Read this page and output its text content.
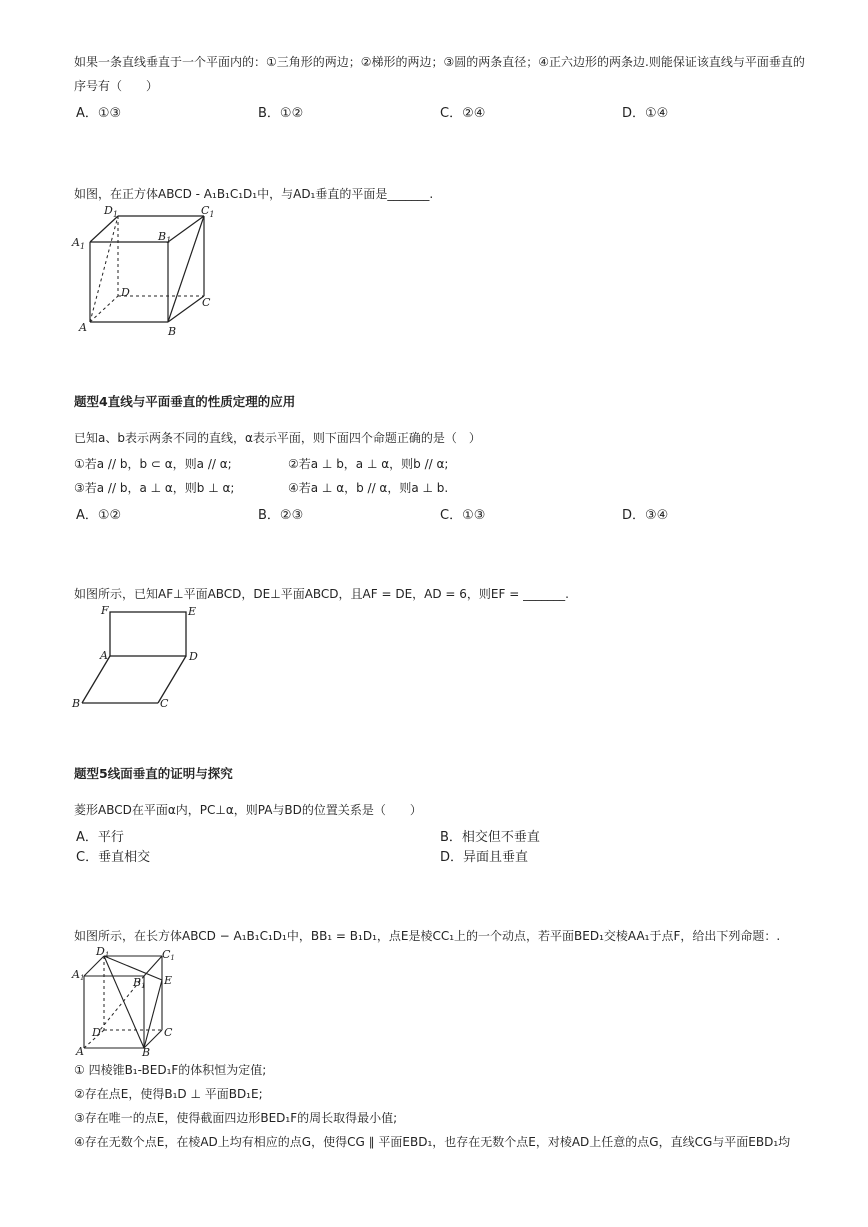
如果一条直线垂直于一个平面内的：①三角形的两边；②梯形的两边；③圆的两条直径；④正六边形的两条边.则能保证该直线与平面垂直的
序号有（　　）
A．①③	B．①②	C．②④	D．①④
如图，在正方体ABCD - A₁B₁C₁D₁中，与AD₁垂直的平面是_______.
$D_1$	$C_1$
$A_1$
$B_1$
D
C
A	B
题型4直线与平面垂直的性质定理的应用
已知a、b表示两条不同的直线，α表示平面，则下面四个命题正确的是（　）
①若a // b，b ⊂ α，则a // α;	②若a ⊥ b，a ⊥ α，则b // α;
③若a // b，a ⊥ α，则b ⊥ α;	④若a ⊥ α，b // α，则a ⊥ b.
A．①②	B．②③	C．①③	D．③④
如图所示，已知AF⊥平面ABCD，DE⊥平面ABCD，且AF = DE，AD = 6，则EF = _______.
F	E
A	D
B	C
题型5线面垂直的证明与探究
菱形ABCD在平面α内，PC⊥α，则PA与BD的位置关系是（　　）
A．平行	B．相交但不垂直
C．垂直相交	D．异面且垂直
如图所示，在长方体ABCD − A₁B₁C₁D₁中，BB₁ = B₁D₁，点E是棱CC₁上的一个动点，若平面BED₁交棱AA₁于点F，给出下列命题：.
D1	C1
A1	B1 E
D	C
A	B
① 四棱锥B₁-BED₁F的体积恒为定值;
②存在点E，使得B₁D ⊥ 平面BD₁E;
③存在唯一的点E，使得截面四边形BED₁F的周长取得最小值;
④存在无数个点E，在棱AD上均有相应的点G，使得CG ∥ 平面EBD₁，也存在无数个点E，对棱AD上任意的点G，直线CG与平面EBD₁均
